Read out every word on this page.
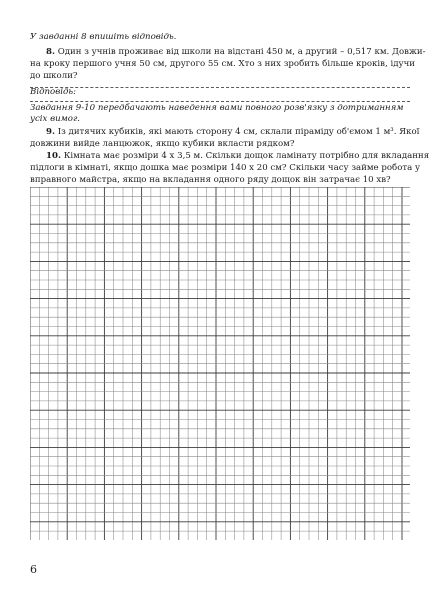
У завданні 8 впишіть відповідь.
8. Один з учнів проживає від школи на відстані 450 м, а другий – 0,517 км. Довжи-
на кроку першого учня 50 см, другого 55 см. Хто з них зробить більше кроків, ідучи
до школи?
Відповідь:
Завдання 9-10 передбачають наведення вами повного розв'язку з дотриманням
усіх вимог.
9. Із дитячих кубиків, які мають сторону 4 см, склали піраміду об'ємом 1 м³. Якої
довжини вийде ланцюжок, якщо кубики вкласти рядком?
10. Кімната має розміри 4 x 3,5 м. Скільки дощок ламінату потрібно для вкладання
підлоги в кімнаті, якщо дошка має розміри 140 x 20 см? Скільки часу займе робота у
вправного майстра, якщо на вкладання одного ряду дощок він затрачає 10 хв?
6
